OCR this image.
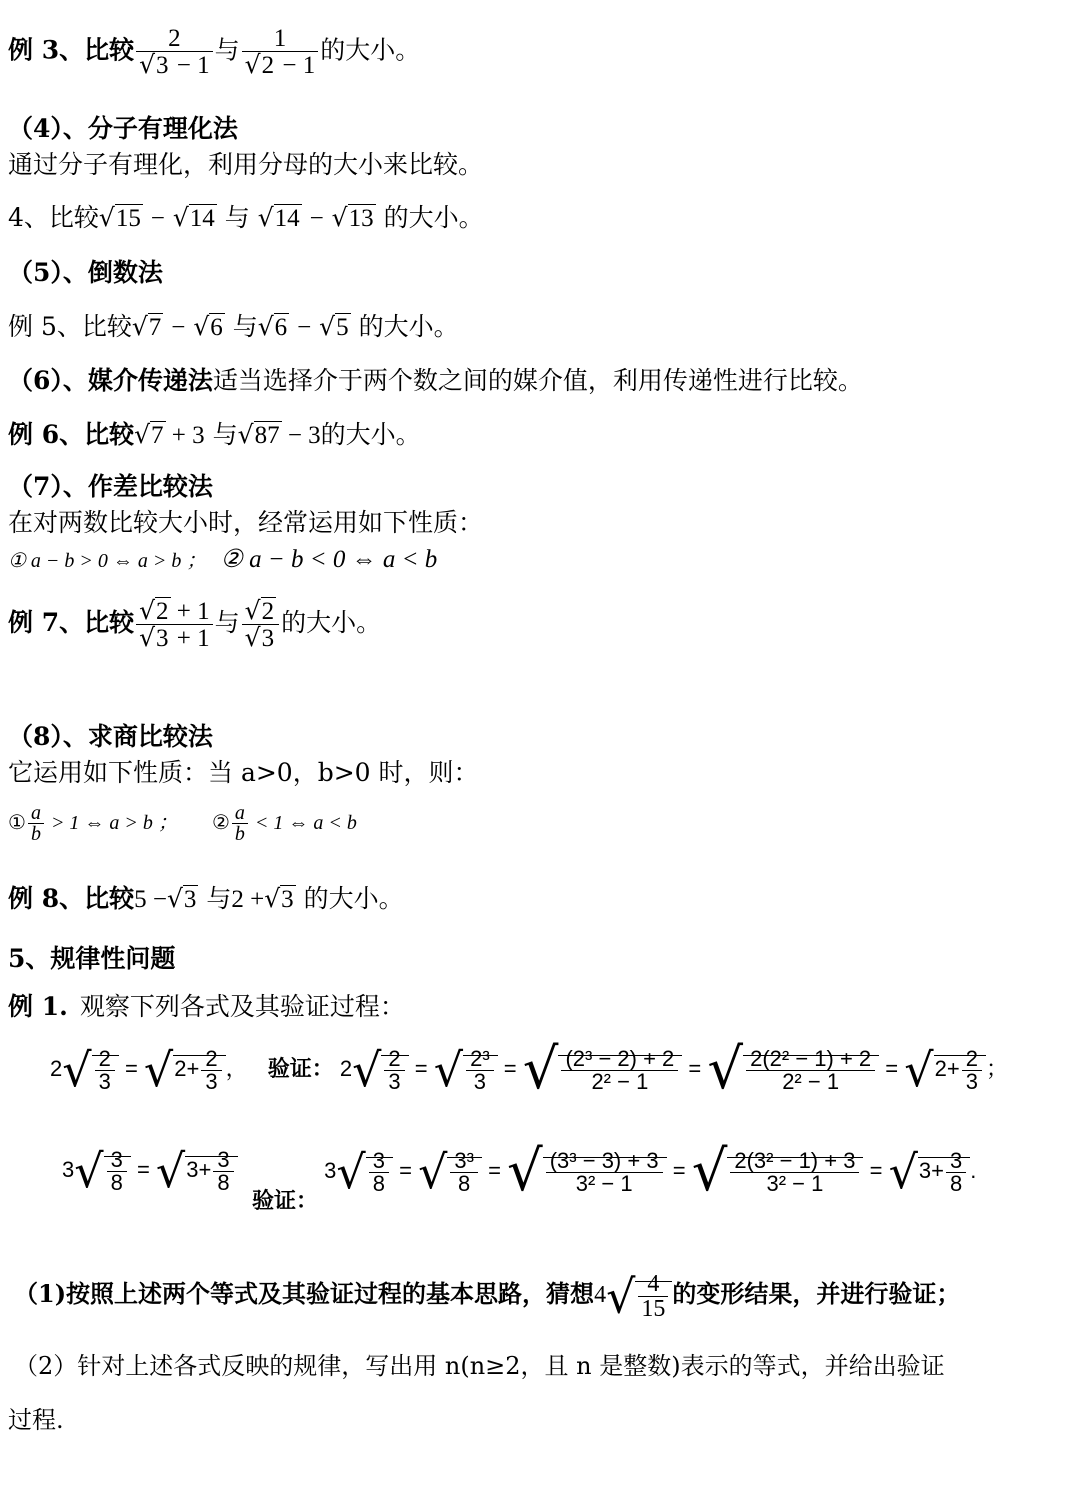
例 3、比较 $\frac{2}{√3 - 1}$ 与 $\frac{1}{√2 - 1}$ 的大小。
（4）、分子有理化法
通过分子有理化，利用分母的大小来比较。
4、比较√15 − √14 与 √14 − √13 的大小。
（5）、倒数法
例 5、比较√7 − √6 与√6 − √5 的大小。
（6）、媒介传递法适当选择介于两个数之间的媒介值，利用传递性进行比较。
例 6、比较√7 + 3 与√87 − 3的大小。
（7）、作差比较法
在对两数比较大小时，经常运用如下性质：
① a − b > 0 ⇔ a > b ； ② a − b < 0 ⇔ a < b
例 7、比较 $\frac{√2 + 1}{√3 + 1}$ 与 $\frac{√2}{√3}$ 的大小。
（8）、求商比较法
它运用如下性质：当 a>0，b>0 时，则：
① $\frac{a}{b} > 1$ ⇔ a > b ； ② $\frac{a}{b} < 1$ ⇔ a < b
例 8、比较5 −√3 与2 +√3 的大小。
5、规律性问题
例 1. 观察下列各式及其验证过程：
$2√ \frac{2}{3} = √2+ \frac{2}{3}$ ， 验证： $2√ \frac{2}{3}$ = √ $\frac{\text{2³}}{3}$ = √ $\frac{\text{(2³ − 2) + 2}}{\text{2² − 1}}$ = √ $\frac{\text{2(2² − 1) + 2}}{\text{2² − 1}} = √2+ \frac{2}{3}$ ；
$3√ \frac{3}{8} = √3+ \frac{3}{8}$
验证： $3√ \frac{3}{8}$ = √ $\frac{\text{3³}}{8}$ = √ $\frac{\text{(3³ − 3) + 3}}{\text{3² − 1}}$ = √ $\frac{\text{2(3² − 1) + 3}}{\text{3² − 1}} = √3+ \frac{3}{8}$ .
（1)按照上述两个等式及其验证过程的基本思路，猜想$4√ \frac{4}{15}$ 的变形结果，并进行验证；
（2）针对上述各式反映的规律，写出用 n(n≥2，且 n 是整数)表示的等式，并给出验证
过程.
